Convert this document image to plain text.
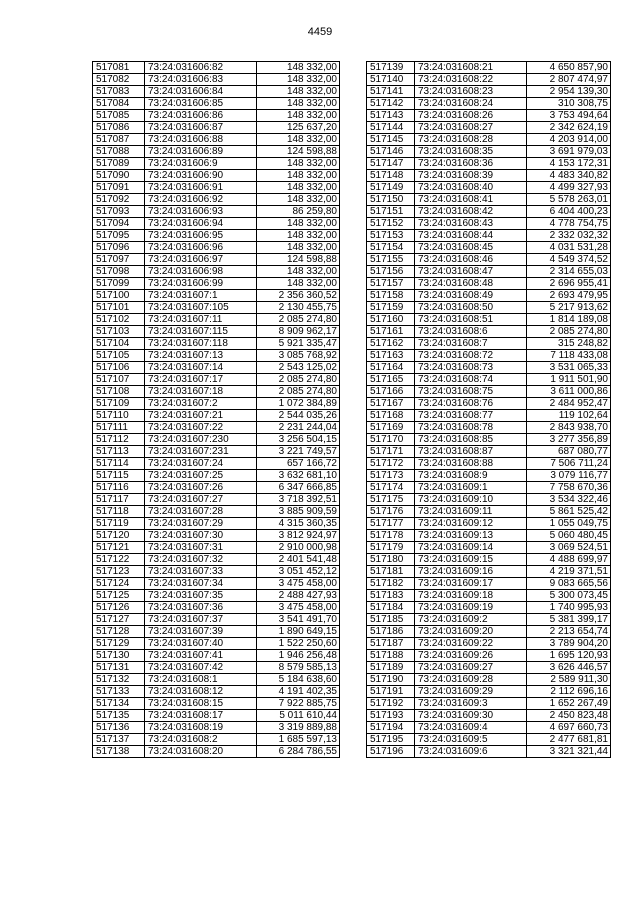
4459
517081	73:24:031606:82	148 332,00
517082	73:24:031606:83	148 332,00
517083	73:24:031606:84	148 332,00
517084	73:24:031606:85	148 332,00
517085	73:24:031606:86	148 332,00
517086	73:24:031606:87	125 637,20
517087	73:24:031606:88	148 332,00
517088	73:24:031606:89	124 598,88
517089	73:24:031606:9	148 332,00
517090	73:24:031606:90	148 332,00
517091	73:24:031606:91	148 332,00
517092	73:24:031606:92	148 332,00
517093	73:24:031606:93	86 259,80
517094	73:24:031606:94	148 332,00
517095	73:24:031606:95	148 332,00
517096	73:24:031606:96	148 332,00
517097	73:24:031606:97	124 598,88
517098	73:24:031606:98	148 332,00
517099	73:24:031606:99	148 332,00
517100	73:24:031607:1	2 356 360,52
517101	73:24:031607:105	2 130 455,75
517102	73:24:031607:11	2 085 274,80
517103	73:24:031607:115	8 909 962,17
517104	73:24:031607:118	5 921 335,47
517105	73:24:031607:13	3 085 768,92
517106	73:24:031607:14	2 543 125,02
517107	73:24:031607:17	2 085 274,80
517108	73:24:031607:18	2 085 274,80
517109	73:24:031607:2	1 072 384,89
517110	73:24:031607:21	2 544 035,26
517111	73:24:031607:22	2 231 244,04
517112	73:24:031607:230	3 256 504,15
517113	73:24:031607:231	3 221 749,57
517114	73:24:031607:24	657 166,72
517115	73:24:031607:25	3 632 681,10
517116	73:24:031607:26	6 347 666,85
517117	73:24:031607:27	3 718 392,51
517118	73:24:031607:28	3 885 909,59
517119	73:24:031607:29	4 315 360,35
517120	73:24:031607:30	3 812 924,97
517121	73:24:031607:31	2 910 000,98
517122	73:24:031607:32	2 401 541,48
517123	73:24:031607:33	3 051 452,12
517124	73:24:031607:34	3 475 458,00
517125	73:24:031607:35	2 488 427,93
517126	73:24:031607:36	3 475 458,00
517127	73:24:031607:37	3 541 491,70
517128	73:24:031607:39	1 890 649,15
517129	73:24:031607:40	1 522 250,60
517130	73:24:031607:41	1 946 256,48
517131	73:24:031607:42	8 579 585,13
517132	73:24:031608:1	5 184 638,60
517133	73:24:031608:12	4 191 402,35
517134	73:24:031608:15	7 922 885,75
517135	73:24:031608:17	5 011 610,44
517136	73:24:031608:19	3 319 889,88
517137	73:24:031608:2	1 685 597,13
517138	73:24:031608:20	6 284 786,55
517139	73:24:031608:21	4 650 857,90
517140	73:24:031608:22	2 807 474,97
517141	73:24:031608:23	2 954 139,30
517142	73:24:031608:24	310 308,75
517143	73:24:031608:26	3 753 494,64
517144	73:24:031608:27	2 342 624,19
517145	73:24:031608:28	4 203 914,00
517146	73:24:031608:35	3 691 979,03
517147	73:24:031608:36	4 153 172,31
517148	73:24:031608:39	4 483 340,82
517149	73:24:031608:40	4 499 327,93
517150	73:24:031608:41	5 578 263,01
517151	73:24:031608:42	6 404 400,23
517152	73:24:031608:43	4 778 754,75
517153	73:24:031608:44	2 332 032,32
517154	73:24:031608:45	4 031 531,28
517155	73:24:031608:46	4 549 374,52
517156	73:24:031608:47	2 314 655,03
517157	73:24:031608:48	2 696 955,41
517158	73:24:031608:49	2 693 479,95
517159	73:24:031608:50	5 217 913,62
517160	73:24:031608:51	1 814 189,08
517161	73:24:031608:6	2 085 274,80
517162	73:24:031608:7	315 248,82
517163	73:24:031608:72	7 118 433,08
517164	73:24:031608:73	3 531 065,33
517165	73:24:031608:74	1 911 501,90
517166	73:24:031608:75	3 611 000,86
517167	73:24:031608:76	2 484 952,47
517168	73:24:031608:77	119 102,64
517169	73:24:031608:78	2 843 938,70
517170	73:24:031608:85	3 277 356,89
517171	73:24:031608:87	687 080,77
517172	73:24:031608:88	7 506 711,24
517173	73:24:031608:9	3 079 116,77
517174	73:24:031609:1	7 758 670,36
517175	73:24:031609:10	3 534 322,46
517176	73:24:031609:11	5 861 525,42
517177	73:24:031609:12	1 055 049,75
517178	73:24:031609:13	5 060 480,45
517179	73:24:031609:14	3 069 524,51
517180	73:24:031609:15	4 488 699,97
517181	73:24:031609:16	4 219 371,51
517182	73:24:031609:17	9 083 665,56
517183	73:24:031609:18	5 300 073,45
517184	73:24:031609:19	1 740 995,93
517185	73:24:031609:2	5 381 399,17
517186	73:24:031609:20	2 213 654,74
517187	73:24:031609:22	3 789 904,20
517188	73:24:031609:26	1 695 120,93
517189	73:24:031609:27	3 626 446,57
517190	73:24:031609:28	2 589 911,30
517191	73:24:031609:29	2 112 696,16
517192	73:24:031609:3	1 652 267,49
517193	73:24:031609:30	2 450 823,48
517194	73:24:031609:4	4 697 660,73
517195	73:24:031609:5	2 477 681,81
517196	73:24:031609:6	3 321 321,44
